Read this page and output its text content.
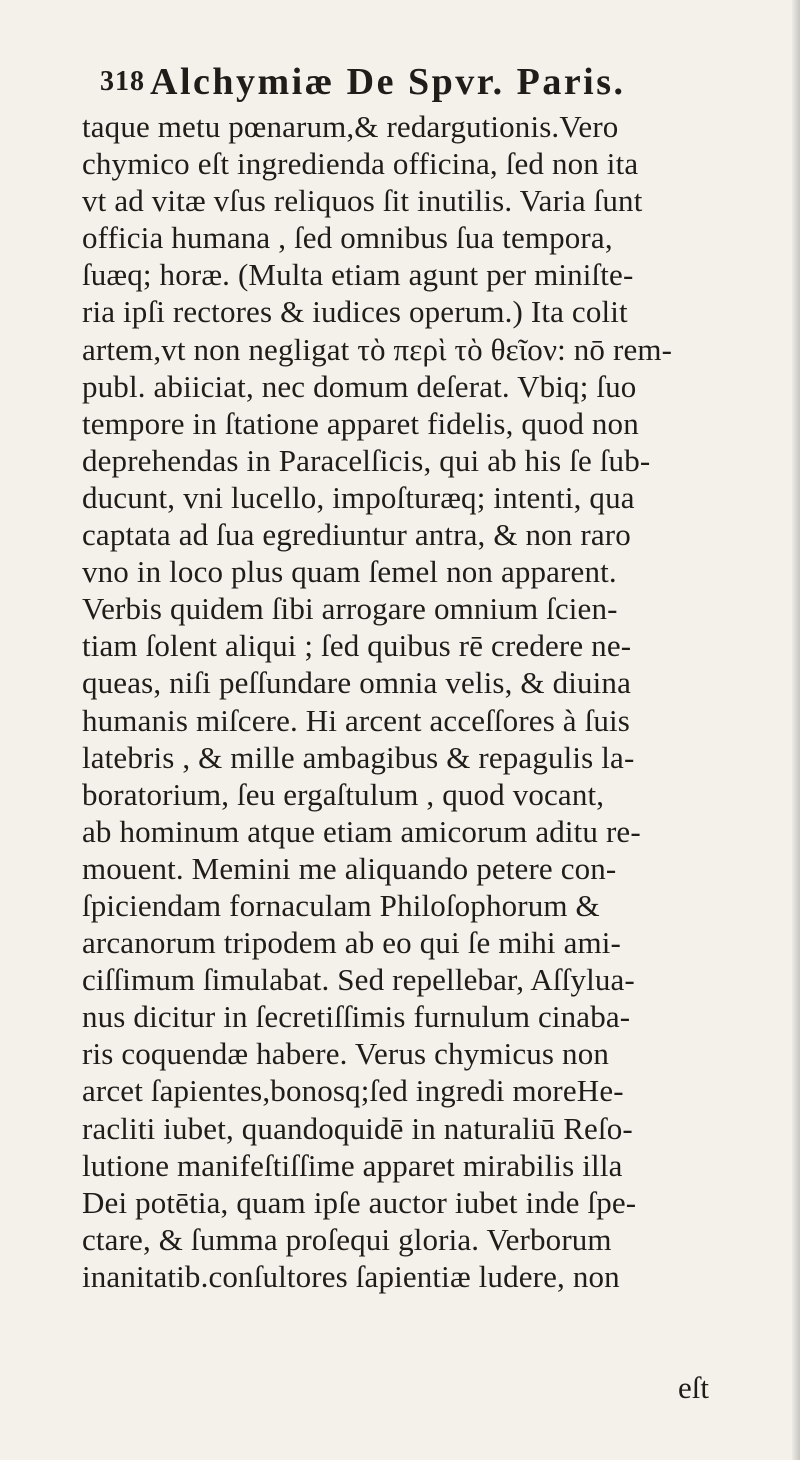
318 Alchymiæ De Spvr. Paris.
taque metu pœnarum,& redargutionis.Vero
chymico eſt ingredienda officina, ſed non ita
vt ad vitæ vſus reliquos ſit inutilis. Varia ſunt
officia humana , ſed omnibus ſua tempora,
ſuæq; horæ. (Multa etiam agunt per miniſte-
ria ipſi rectores & iudices operum.) Ita colit
artem,vt non negligat τὸ περὶ τὸ θεῖον: nō rem-
publ. abiiciat, nec domum deſerat. Vbiq; ſuo
tempore in ſtatione apparet fidelis, quod non
deprehendas in Paracelſicis, qui ab his ſe ſub-
ducunt, vni lucello, impoſturæq; intenti, qua
captata ad ſua egrediuntur antra, & non raro
vno in loco plus quam ſemel non apparent.
Verbis quidem ſibi arrogare omnium ſcien-
tiam ſolent aliqui ; ſed quibus rē credere ne-
queas, niſi peſſundare omnia velis, & diuina
humanis miſcere. Hi arcent acceſſores à ſuis
latebris , & mille ambagibus & repagulis la-
boratorium, ſeu ergaſtulum , quod vocant,
ab hominum atque etiam amicorum aditu re-
mouent. Memini me aliquando petere con-
ſpiciendam fornaculam Philoſophorum &
arcanorum tripodem ab eo qui ſe mihi ami-
ciſſimum ſimulabat. Sed repellebar, Aſſylua-
nus dicitur in ſecretiſſimis furnulum cinaba-
ris coquendæ habere. Verus chymicus non
arcet ſapientes,bonosq;ſed ingredi moreHe-
racliti iubet, quandoquidē in naturaliū Reſo-
lutione manifeſtiſſime apparet mirabilis illa
Dei potētia, quam ipſe auctor iubet inde ſpe-
ctare, & ſumma proſequi gloria. Verborum
inanitatib.conſultores ſapientiæ ludere, non
eſt
